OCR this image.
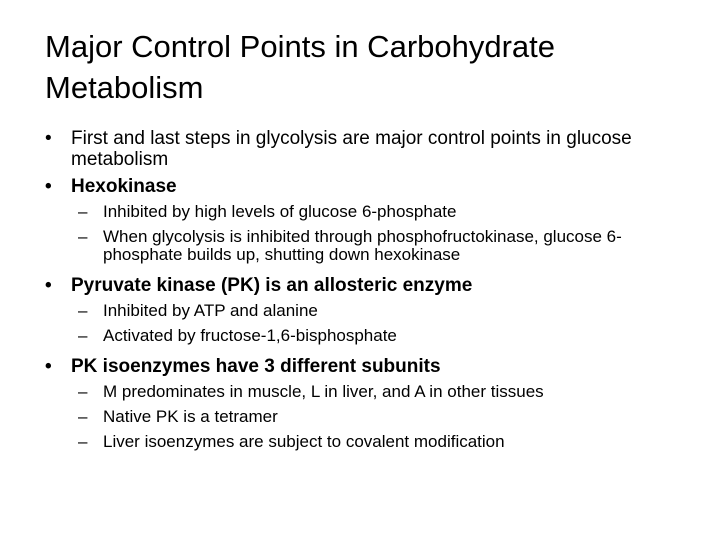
Major Control Points in Carbohydrate Metabolism
• First and last steps in glycolysis are major control points in glucose metabolism
• Hexokinase
– Inhibited by high levels of glucose 6-phosphate
– When glycolysis is inhibited through phosphofructokinase, glucose 6-phosphate builds up, shutting down hexokinase
• Pyruvate kinase (PK) is an allosteric enzyme
– Inhibited by ATP and alanine
– Activated by fructose-1,6-bisphosphate
• PK isoenzymes have 3 different subunits
– M predominates in muscle, L in liver, and A in other tissues
– Native PK is a tetramer
– Liver isoenzymes are subject to covalent modification
